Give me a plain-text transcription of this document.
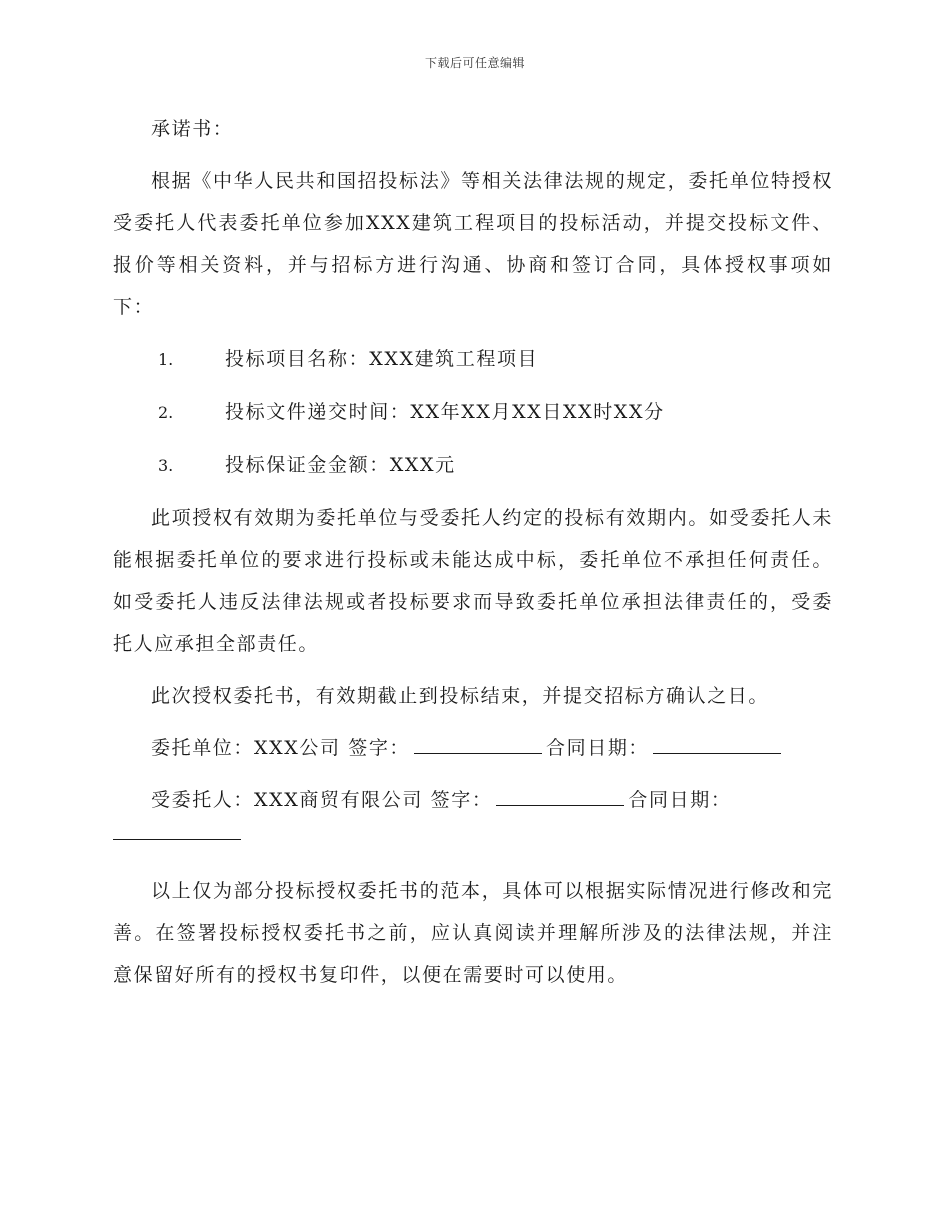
下载后可任意编辑

承诺书：

根据《中华人民共和国招投标法》等相关法律法规的规定，委托单位特授权受委托人代表委托单位参加XXX建筑工程项目的投标活动，并提交投标文件、报价等相关资料，并与招标方进行沟通、协商和签订合同，具体授权事项如下：

1.	投标项目名称：XXX建筑工程项目
2.	投标文件递交时间：XX年XX月XX日XX时XX分
3.	投标保证金金额：XXX元

此项授权有效期为委托单位与受委托人约定的投标有效期内。如受委托人未能根据委托单位的要求进行投标或未能达成中标，委托单位不承担任何责任。如受委托人违反法律法规或者投标要求而导致委托单位承担法律责任的，受委托人应承担全部责任。

此次授权委托书，有效期截止到投标结束，并提交招标方确认之日。

委托单位：XXX公司 签字：	合同日期：

受委托人：XXX商贸有限公司 签字：	合同日期：

以上仅为部分投标授权委托书的范本，具体可以根据实际情况进行修改和完善。在签署投标授权委托书之前，应认真阅读并理解所涉及的法律法规，并注意保留好所有的授权书复印件，以便在需要时可以使用。
